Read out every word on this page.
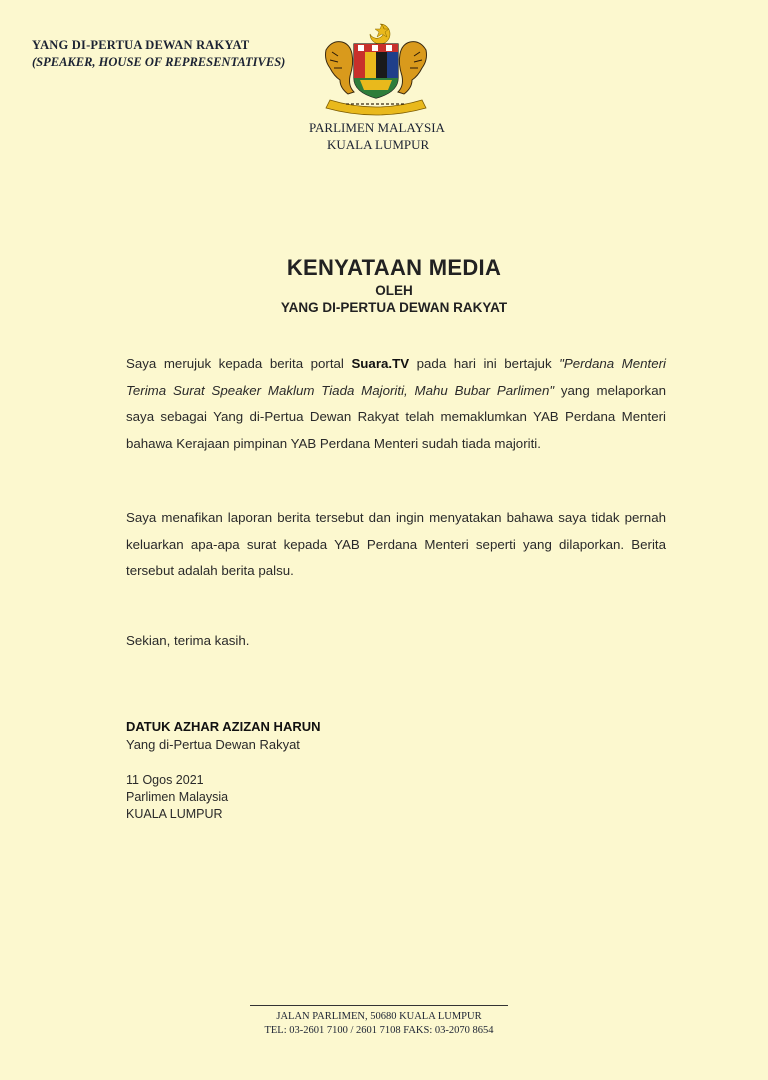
YANG DI-PERTUA DEWAN RAKYAT
(SPEAKER, HOUSE OF REPRESENTATIVES)
PARLIMEN MALAYSIA
KUALA LUMPUR
KENYATAAN MEDIA
OLEH
YANG DI-PERTUA DEWAN RAKYAT
Saya merujuk kepada berita portal Suara.TV pada hari ini bertajuk "Perdana Menteri Terima Surat Speaker Maklum Tiada Majoriti, Mahu Bubar Parlimen" yang melaporkan saya sebagai Yang di-Pertua Dewan Rakyat telah memaklumkan YAB Perdana Menteri bahawa Kerajaan pimpinan YAB Perdana Menteri sudah tiada majoriti.
Saya menafikan laporan berita tersebut dan ingin menyatakan bahawa saya tidak pernah keluarkan apa-apa surat kepada YAB Perdana Menteri seperti yang dilaporkan. Berita tersebut adalah berita palsu.
Sekian, terima kasih.
DATUK AZHAR AZIZAN HARUN
Yang di-Pertua Dewan Rakyat
11 Ogos 2021
Parlimen Malaysia
KUALA LUMPUR
JALAN PARLIMEN, 50680 KUALA LUMPUR
TEL: 03-2601 7100 / 2601 7108 FAKS: 03-2070 8654
